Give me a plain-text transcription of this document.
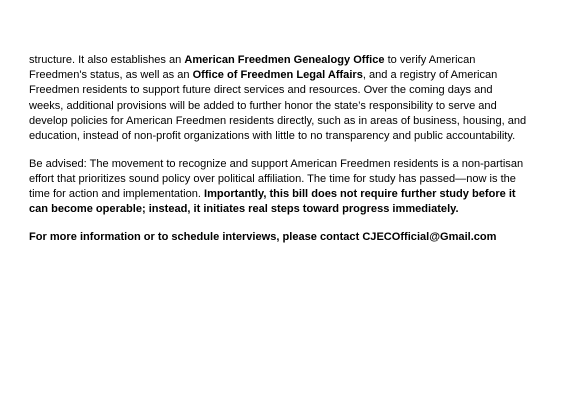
structure. It also establishes an American Freedmen Genealogy Office to verify American Freedmen's status, as well as an Office of Freedmen Legal Affairs, and a registry of American Freedmen residents to support future direct services and resources. Over the coming days and weeks, additional provisions will be added to further honor the state’s responsibility to serve and develop policies for American Freedmen residents directly, such as in areas of business, housing, and education, instead of non-profit organizations with little to no transparency and public accountability.

Be advised: The movement to recognize and support American Freedmen residents is a non-partisan effort that prioritizes sound policy over political affiliation. The time for study has passed—now is the time for action and implementation. Importantly, this bill does not require further study before it can become operable; instead, it initiates real steps toward progress immediately.

For more information or to schedule interviews, please contact CJECOfficial@Gmail.com
